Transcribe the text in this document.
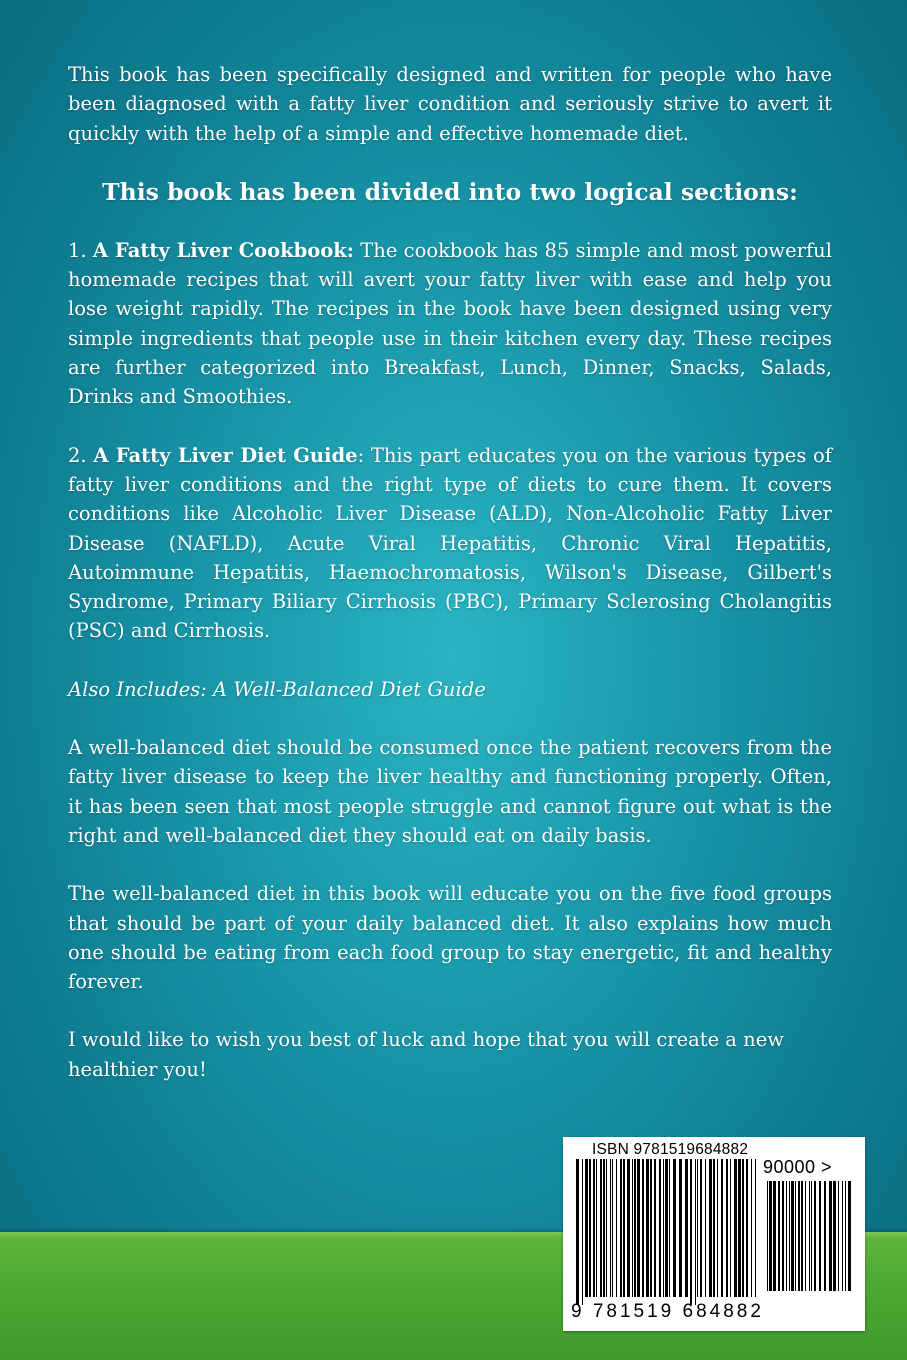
This book has been specifically designed and written for people who have been diagnosed with a fatty liver condition and seriously strive to avert it quickly with the help of a simple and effective homemade diet.

This book has been divided into two logical sections:

1. A Fatty Liver Cookbook: The cookbook has 85 simple and most powerful homemade recipes that will avert your fatty liver with ease and help you lose weight rapidly. The recipes in the book have been designed using very simple ingredients that people use in their kitchen every day. These recipes are further categorized into Breakfast, Lunch, Dinner, Snacks, Salads, Drinks and Smoothies.

2. A Fatty Liver Diet Guide: This part educates you on the various types of fatty liver conditions and the right type of diets to cure them. It covers conditions like Alcoholic Liver Disease (ALD), Non-Alcoholic Fatty Liver Disease (NAFLD), Acute Viral Hepatitis, Chronic Viral Hepatitis, Autoimmune Hepatitis, Haemochromatosis, Wilson's Disease, Gilbert's Syndrome, Primary Biliary Cirrhosis (PBC), Primary Sclerosing Cholangitis (PSC) and Cirrhosis.

Also Includes: A Well-Balanced Diet Guide

A well-balanced diet should be consumed once the patient recovers from the fatty liver disease to keep the liver healthy and functioning properly. Often, it has been seen that most people struggle and cannot figure out what is the right and well-balanced diet they should eat on daily basis.

The well-balanced diet in this book will educate you on the five food groups that should be part of your daily balanced diet. It also explains how much one should be eating from each food group to stay energetic, fit and healthy forever.

I would like to wish you best of luck and hope that you will create a new healthier you!

ISBN 9781519684882
90000 >
9 781519 684882
